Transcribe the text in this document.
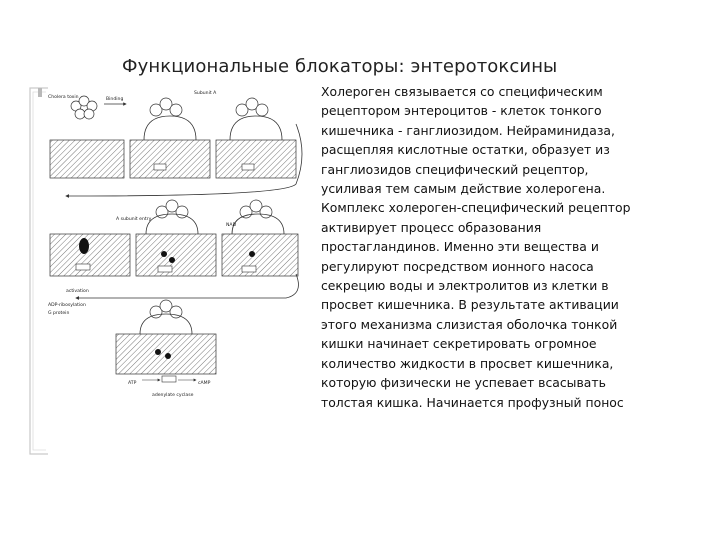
Функциональные блокаторы: энтеротоксины
Cholera toxin	Binding
Subunit A
A subunit entry
NAD
ADP-ribosylation
G protein
ATP	cAMP
adenylate cyclase
activation
Холероген связывается со специфическим
рецептором энтероцитов - клеток тонкого
кишечника - ганглиозидом. Нейраминидаза,
расщепляя кислотные остатки, образует из
ганглиозидов специфический рецептор,
усиливая тем самым действие холерогена.
Комплекс холероген-специфический рецептор
активирует процесс образования
простагландинов. Именно эти вещества и
регулируют посредством ионного насоса
секрецию воды и электролитов из клетки в
просвет кишечника. В результате активации
этого механизма слизистая оболочка тонкой
кишки начинает секретировать огромное
количество жидкости в просвет кишечника,
которую физически не успевает всасывать
толстая кишка. Начинается профузный понос
